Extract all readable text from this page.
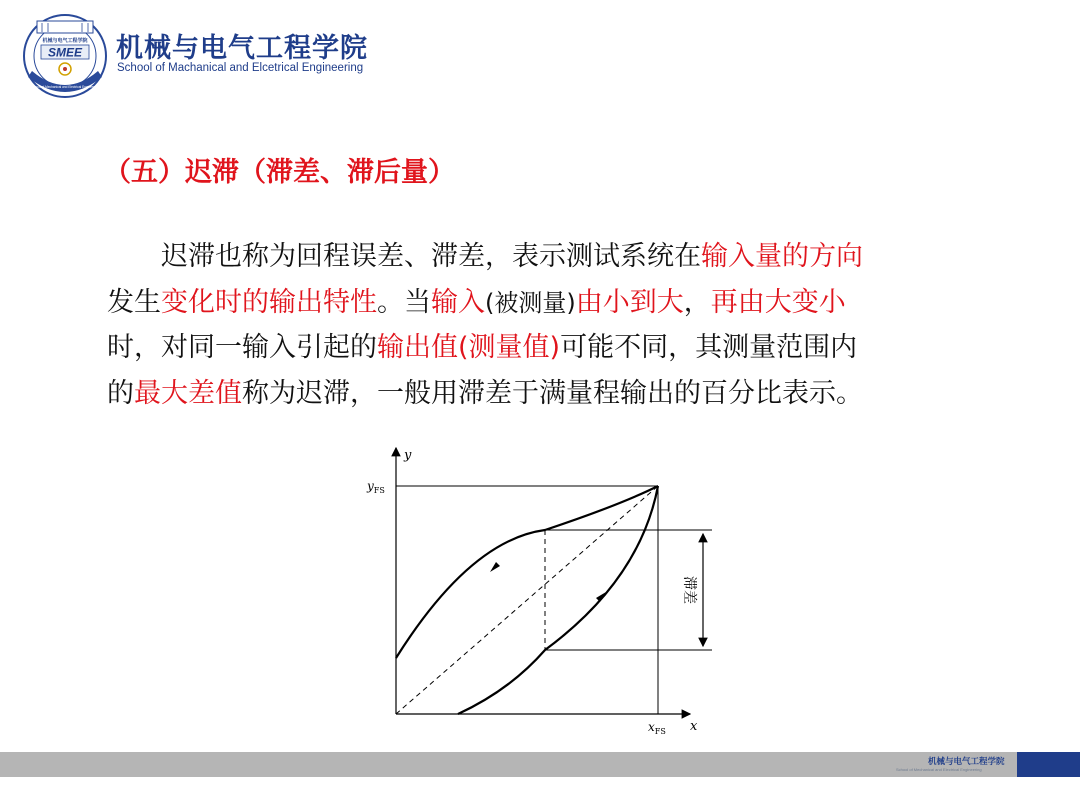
机械与电气工程学院
SMEE
School of Mechanical and Electrical Engineering
机械与电气工程学院
School of Machanical and Elcetrical Engineering
（五）迟滞（滞差、滞后量）

迟滞也称为回程误差、滞差，表示测试系统在输入量的方向
发生变化时的输出特性。当输入(被测量)由小到大，再由大变小
时，对同一输入引起的输出值(测量值)可能不同，其测量范围内
的最大差值称为迟滞，一般用滞差于满量程输出的百分比表示。

y
x
$y_{FS}$
$x_{FS}$
滞差
机械与电气工程学院
School of Mechanical and Electrical Engineering
